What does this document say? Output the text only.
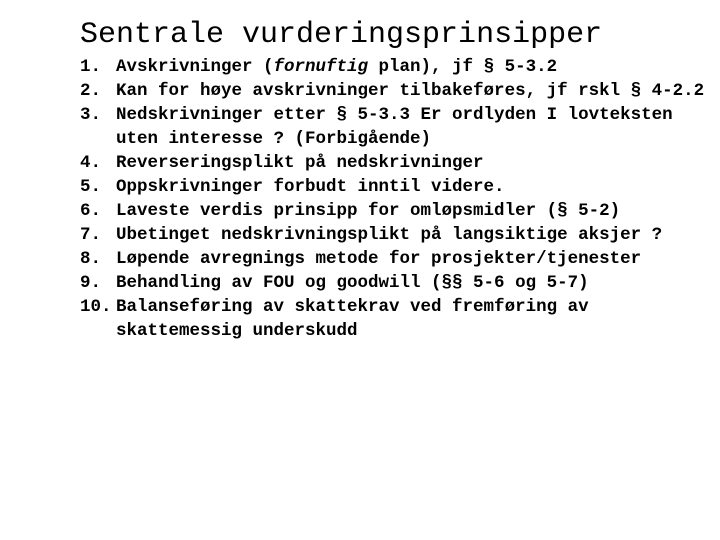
Sentrale vurderingsprinsipper
1. Avskrivninger (fornuftig plan), jf § 5-3.2
2. Kan for høye avskrivninger tilbakeføres, jf rskl § 4-2.2
3. Nedskrivninger etter § 5-3.3 Er ordlyden I lovteksten uten interesse ? (Forbigående)
4. Reverseringsplikt på nedskrivninger
5. Oppskrivninger forbudt inntil videre.
6. Laveste verdis prinsipp for omløpsmidler (§ 5-2)
7. Ubetinget nedskrivningsplikt på langsiktige aksjer ?
8. Løpende avregnings metode for prosjekter/tjenester
9. Behandling av FOU og goodwill (§§ 5-6 og 5-7)
10. Balanseføring av skattekrav ved fremføring av skattemessig underskudd
